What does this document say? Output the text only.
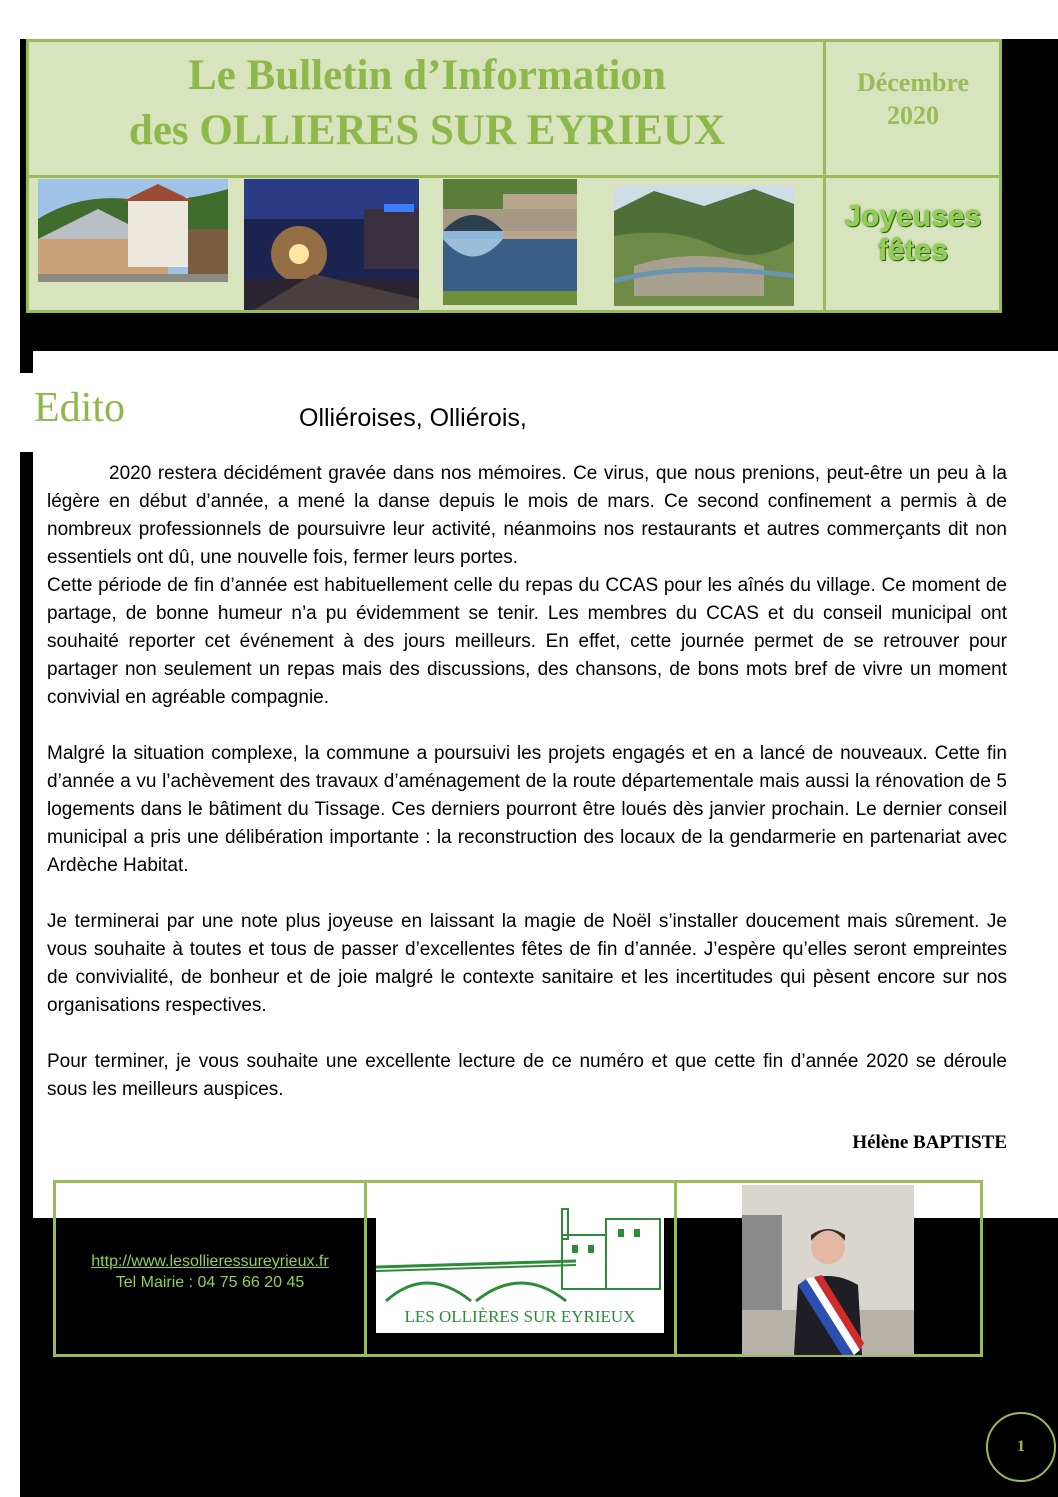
Le Bulletin d’Information
des OLLIERES SUR EYRIEUX
Décembre
2020
Joyeuses
fêtes
Edito	Olliéroises, Olliérois,

2020 restera décidément gravée dans nos mémoires. Ce virus, que nous prenions, peut-être un peu à la légère en début d’année, a mené la danse depuis le mois de mars. Ce second confinement a permis à de nombreux professionnels de poursuivre leur activité, néanmoins nos restaurants et autres commerçants dit non essentiels ont dû, une nouvelle fois, fermer leurs portes.

Cette période de fin d’année est habituellement celle du repas du CCAS pour les aînés du village. Ce moment de partage, de bonne humeur n’a pu évidemment se tenir. Les membres du CCAS et du conseil municipal ont souhaité reporter cet événement à des jours meilleurs. En effet, cette journée permet de se retrouver pour partager non seulement un repas mais des discussions, des chansons, de bons mots bref de vivre un moment convivial en agréable compagnie.

Malgré la situation complexe, la commune a poursuivi les projets engagés et en a lancé de nouveaux. Cette fin d’année a vu l’achèvement des travaux d’aménagement de la route départementale mais aussi la rénovation de 5 logements dans le bâtiment du Tissage. Ces derniers pourront être loués dès janvier prochain. Le dernier conseil municipal a pris une délibération importante : la reconstruction des locaux de la gendarmerie en partenariat avec Ardèche Habitat.

Je terminerai par une note plus joyeuse en laissant la magie de Noël s’installer doucement mais sûrement. Je vous souhaite à toutes et tous de passer d’excellentes fêtes de fin d’année. J’espère qu’elles seront empreintes de convivialité, de bonheur et de joie malgré le contexte sanitaire et les incertitudes qui pèsent encore sur nos organisations respectives.

Pour terminer, je vous souhaite une excellente lecture de ce numéro et que cette fin d’année 2020 se déroule sous les meilleurs auspices.

Hélène BAPTISTE
http://www.lesollieressureyrieux.fr
Tel Mairie : 04 75 66 20 45
LES OLLIÈRES SUR EYRIEUX
1
